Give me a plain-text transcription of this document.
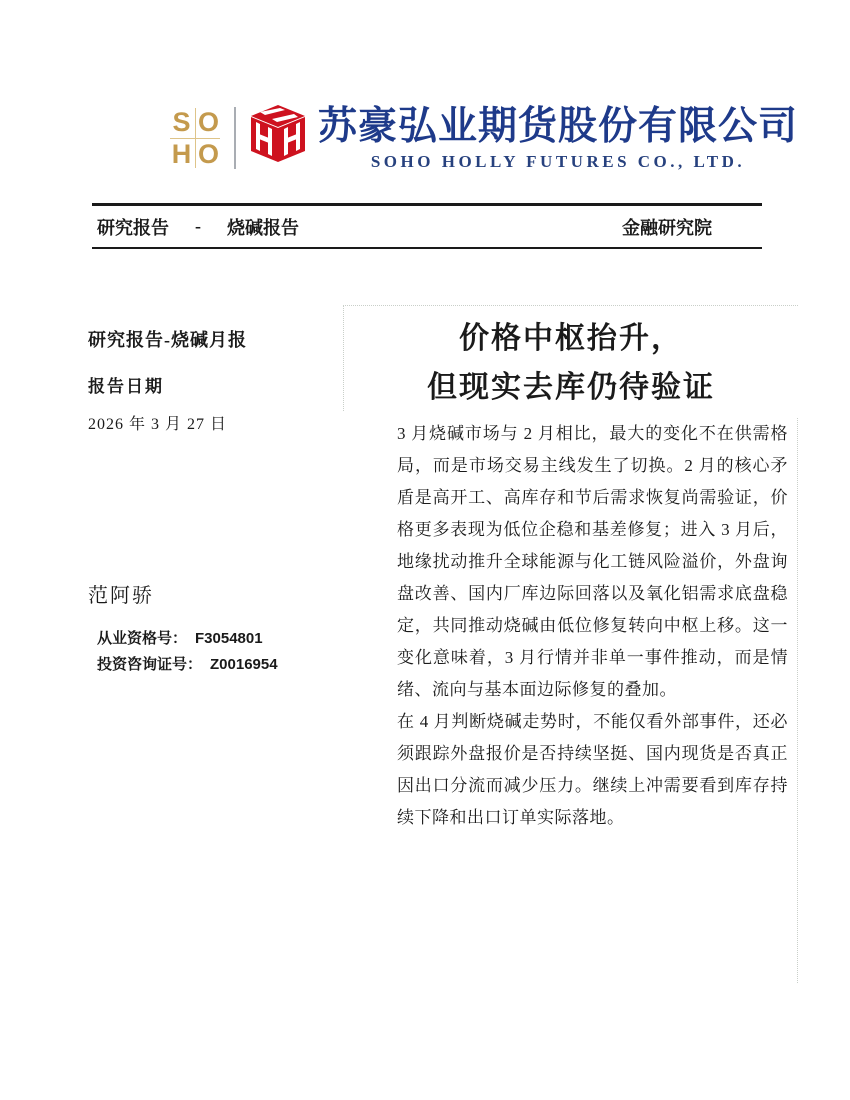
S O
H O
苏豪弘业期货股份有限公司
SOHO HOLLY FUTURES CO., LTD.
研究报告 - 烧碱报告	金融研究院
研究报告-烧碱月报
报告日期
2026 年 3 月 27 日
范阿骄
从业资格号： F3054801
投资咨询证号： Z0016954
价格中枢抬升，
但现实去库仍待验证

3 月烧碱市场与 2 月相比，最大的变化不在供需格局，而是市场交易主线发生了切换。2 月的核心矛盾是高开工、高库存和节后需求恢复尚需验证，价格更多表现为低位企稳和基差修复；进入 3 月后，地缘扰动推升全球能源与化工链风险溢价，外盘询盘改善、国内厂库边际回落以及氧化铝需求底盘稳定，共同推动烧碱由低位修复转向中枢上移。这一变化意味着，3 月行情并非单一事件推动，而是情绪、流向与基本面边际修复的叠加。

在 4 月判断烧碱走势时，不能仅看外部事件，还必须跟踪外盘报价是否持续坚挺、国内现货是否真正因出口分流而减少压力。继续上冲需要看到库存持续下降和出口订单实际落地。
